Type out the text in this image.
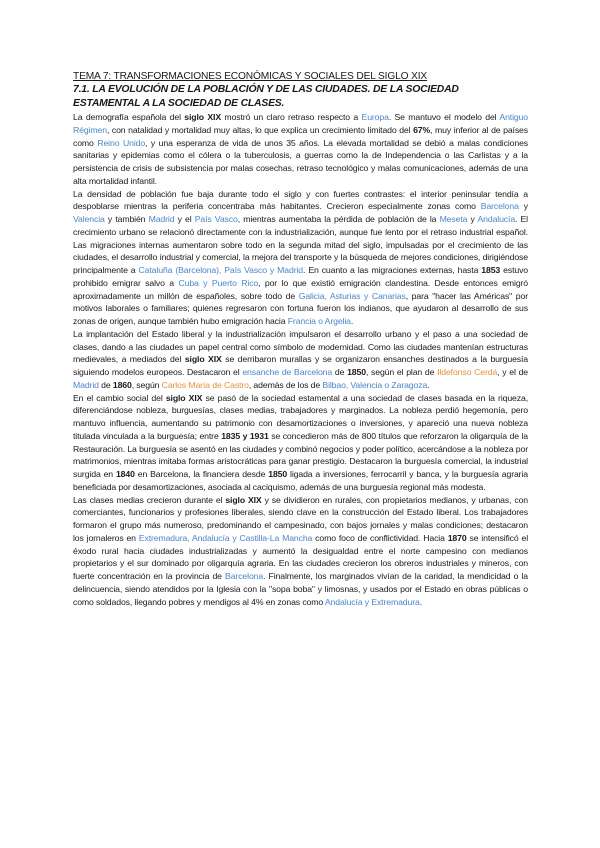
TEMA 7: TRANSFORMACIONES ECONÓMICAS Y SOCIALES DEL SIGLO XIX

7.1. LA EVOLUCIÓN DE LA POBLACIÓN Y DE LAS CIUDADES. DE LA SOCIEDAD ESTAMENTAL A LA SOCIEDAD DE CLASES.

La demografía española del siglo XIX mostró un claro retraso respecto a Europa. Se mantuvo el modelo del Antiguo Régimen, con natalidad y mortalidad muy altas, lo que explica un crecimiento limitado del 67%, muy inferior al de países como Reino Unido, y una esperanza de vida de unos 35 años. La elevada mortalidad se debió a malas condiciones sanitarias y epidemias como el cólera o la tuberculosis, a guerras como la de Independencia o las Carlistas y a la persistencia de crisis de subsistencia por malas cosechas, retraso tecnológico y malas comunicaciones, además de una alta mortalidad infantil.

La densidad de población fue baja durante todo el siglo y con fuertes contrastes: el interior peninsular tendía a despoblarse mientras la periferia concentraba más habitantes. Crecieron especialmente zonas como Barcelona y Valencia y también Madrid y el País Vasco, mientras aumentaba la pérdida de población de la Meseta y Andalucía. El crecimiento urbano se relacionó directamente con la industrialización, aunque fue lento por el retraso industrial español. Las migraciones internas aumentaron sobre todo en la segunda mitad del siglo, impulsadas por el crecimiento de las ciudades, el desarrollo industrial y comercial, la mejora del transporte y la búsqueda de mejores condiciones, dirigiéndose principalmente a Cataluña (Barcelona), País Vasco y Madrid. En cuanto a las migraciones externas, hasta 1853 estuvo prohibido emigrar salvo a Cuba y Puerto Rico, por lo que existió emigración clandestina. Desde entonces emigró aproximadamente un millón de españoles, sobre todo de Galicia, Asturias y Canarias, para "hacer las Américas" por motivos laborales o familiares; quienes regresaron con fortuna fueron los indianos, que ayudaron al desarrollo de sus zonas de origen, aunque también hubo emigración hacia Francia o Argelia.

La implantación del Estado liberal y la industrialización impulsaron el desarrollo urbano y el paso a una sociedad de clases, dando a las ciudades un papel central como símbolo de modernidad. Como las ciudades mantenían estructuras medievales, a mediados del siglo XIX se derribaron murallas y se organizaron ensanches destinados a la burguesía siguiendo modelos europeos. Destacaron el ensanche de Barcelona de 1850, según el plan de Ildefonso Cerdá, y el de Madrid de 1860, según Carlos María de Castro, además de los de Bilbao, Valencia o Zaragoza.

En el cambio social del siglo XIX se pasó de la sociedad estamental a una sociedad de clases basada en la riqueza, diferenciándose nobleza, burguesías, clases medias, trabajadores y marginados. La nobleza perdió hegemonía, pero mantuvo influencia, aumentando su patrimonio con desamortizaciones o inversiones, y apareció una nueva nobleza titulada vinculada a la burguesía; entre 1835 y 1931 se concedieron más de 800 títulos que reforzaron la oligarquía de la Restauración. La burguesía se asentó en las ciudades y combinó negocios y poder político, acercándose a la nobleza por matrimonios, mientras imitaba formas aristocráticas para ganar prestigio. Destacaron la burguesía comercial, la industrial surgida en 1840 en Barcelona, la financiera desde 1850 ligada a inversiones, ferrocarril y banca, y la burguesía agraria beneficiada por desamortizaciones, asociada al caciquismo, además de una burguesía regional más modesta.

Las clases medias crecieron durante el siglo XIX y se dividieron en rurales, con propietarios medianos, y urbanas, con comerciantes, funcionarios y profesiones liberales, siendo clave en la construcción del Estado liberal. Los trabajadores formaron el grupo más numeroso, predominando el campesinado, con bajos jornales y malas condiciones; destacaron los jornaleros en Extremadura, Andalucía y Castilla-La Mancha como foco de conflictividad. Hacia 1870 se intensificó el éxodo rural hacia ciudades industrializadas y aumentó la desigualdad entre el norte campesino con medianos propietarios y el sur dominado por oligarquía agraria. En las ciudades crecieron los obreros industriales y mineros, con fuerte concentración en la provincia de Barcelona. Finalmente, los marginados vivían de la caridad, la mendicidad o la delincuencia, siendo atendidos por la Iglesia con la "sopa boba" y limosnas, y usados por el Estado en obras públicas o como soldados, llegando pobres y mendigos al 4% en zonas como Andalucía y Extremadura.
